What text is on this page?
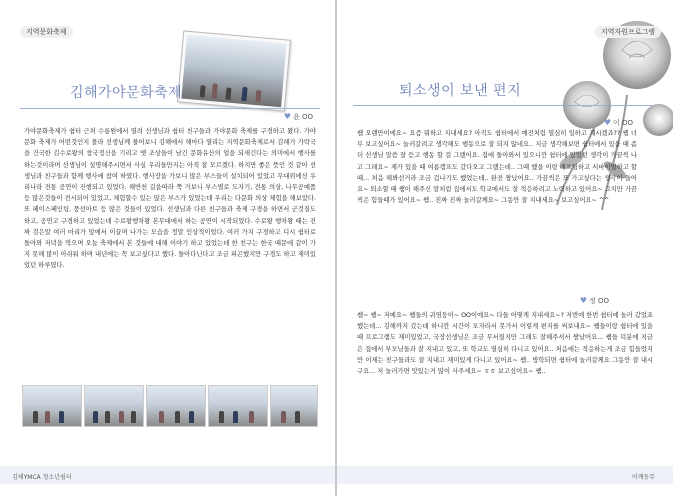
지역문화축제
김해가야문화축제
♥ 윤 OO
가야문화축제가 쉼터 근처 수릉원에서 열려 선생님과 쉼터 친구들과 가야문화 축제를 구경하고 왔다. 가야문화 축제가 어떤것인지 몰라 선생님께 물어보니 김해에서 해마다 열리는 지역문화축제로서 김해가 가락국을 건국한 김수로왕의 창국정신을 기리고 옛 조상들이 남긴 문화유산의 얼을 되새긴다는 의미에서 행사를 하는것이라며 선생님이 설명해주시면서 사실 우리들만지는 아직 잘 모르겠다. 하지만 좋은 뜻인 것 같아 선생님과 친구들과 함께 행사에 참여 하였다. 행사장을 가보니 많은 부스들이 설치되어 있었고 무대위에선 우리나라 전통 공연이 진행되고 있었다. 해반천 길을따라 쭉 가보니 부스별로 도자기, 전통 의상, 나무공예품 등 많은것들이 전시되어 있었고, 체험할수 있는 많은 부스가 있었는데 우리는 다문화 의상 체험을 해보았다. 또 페이스페인팅, 풍선아트 등 많은 것들이 있었다. 선생님과 다른 친구들과 축제 구경을 하면서 군것질도 하고, 공연고 구경하고 있었는데 수로왕행차왕 본무대에서 하는 공연이 시작되었다. 수로왕 행차왕 때는 진짜 검은말 여러 마리가 앞에서 이끌며 나가는 모습을 정말 인상적이었다. 여러 가지 구경하고 디시 쉼터로 돌아와 저녁을 먹으며 오늘 축제에서 본 것들에 대해 이야기 하고 있었는데 한 친구는 한국 때문에 같이 가지 못해 많이 아쉬워 하며 내년에는 꼭 보고싶다고 했다. 돌아다닌다고 조금 피곤했지만 구경도 하고 재미있었던 하루였다.
김해YMCA 청소년쉼터
지역자원프로그램
퇴소생이 보낸 편지
♥ 이 OO
쌤 오랜만이에요~ 요즘 뭐하고 지내세요? 아직도 쉼터에서 예전처럼 열심히 일하고 계시겠죠?? 쌤 너무 보고싶어요~ 놀러갈려고 생각해도 행동으로 잘 되지 않네요.. 지금 생각해보면 쉼터에서 있을 때 좀 더 선생님 말씀 잘 듣고 행동 할 걸 그랬어요. 집에 돌아와서 있으니깐 쉼터에 있었던 생각이 가끔씩 나고 그래요~ 제가 있을 때 여름캠프도 갔다오고 그랬는데.. 그때 했을 이랑 래프팅하고 서바이벌하고 할 때... 처음 해봐선거라 조금 겁나기도 했었는데.. 완전 짱났어요.. 가끔씩은 또 가고싶다는 생각이 들어요~ 퇴소할 때 쌤이 해주신 말처럼 집에서도 학교에서도 잘 적응하려고 노력하고 있어요~ 그치만 가끔씩은 힘들때가 있어요~ 쌤.. 진짜 진짜 놀러갈께요~ 그동안 잘 지내세요~ 보고싶어요~ ^^
♥ 정 OO
쌤~ 쌤~ 저예요~ 쌤들의 귀염둥이~ OO이에요~ 다들 어떻게 지내세요~? 저번에 한번 쉼터에 놀러 갔었죠 했는데... 김해까지 갔는데 하니깐 시간이 모자라서 못가서 이렇게 편지를 써보내요~ 쌤들이랑 쉼터에 있을 때 프로그램도 재미있었고, 국장선생님은 조금 무서웠지만 그래도 잘해주셔서 짱났어요... 쌤들 덕분에 지금은 집에서 부모님들과 잘 지내고 있고, 또 학교도 열심히 다니고 있어요.. 처음에는 적응하는게 조금 힘들었지만 이제는 친구들과도 잘 지내고 재미있게 다니고 있어요~ 쌤.. 방학되면 쉼터에 놀러갈께요 그동안 잘 내시구요... 저 놀러가면 맛있는거 많이 사주세요~ ㅎㅎ 보고싶어요~ 쌤..
어깨동무
